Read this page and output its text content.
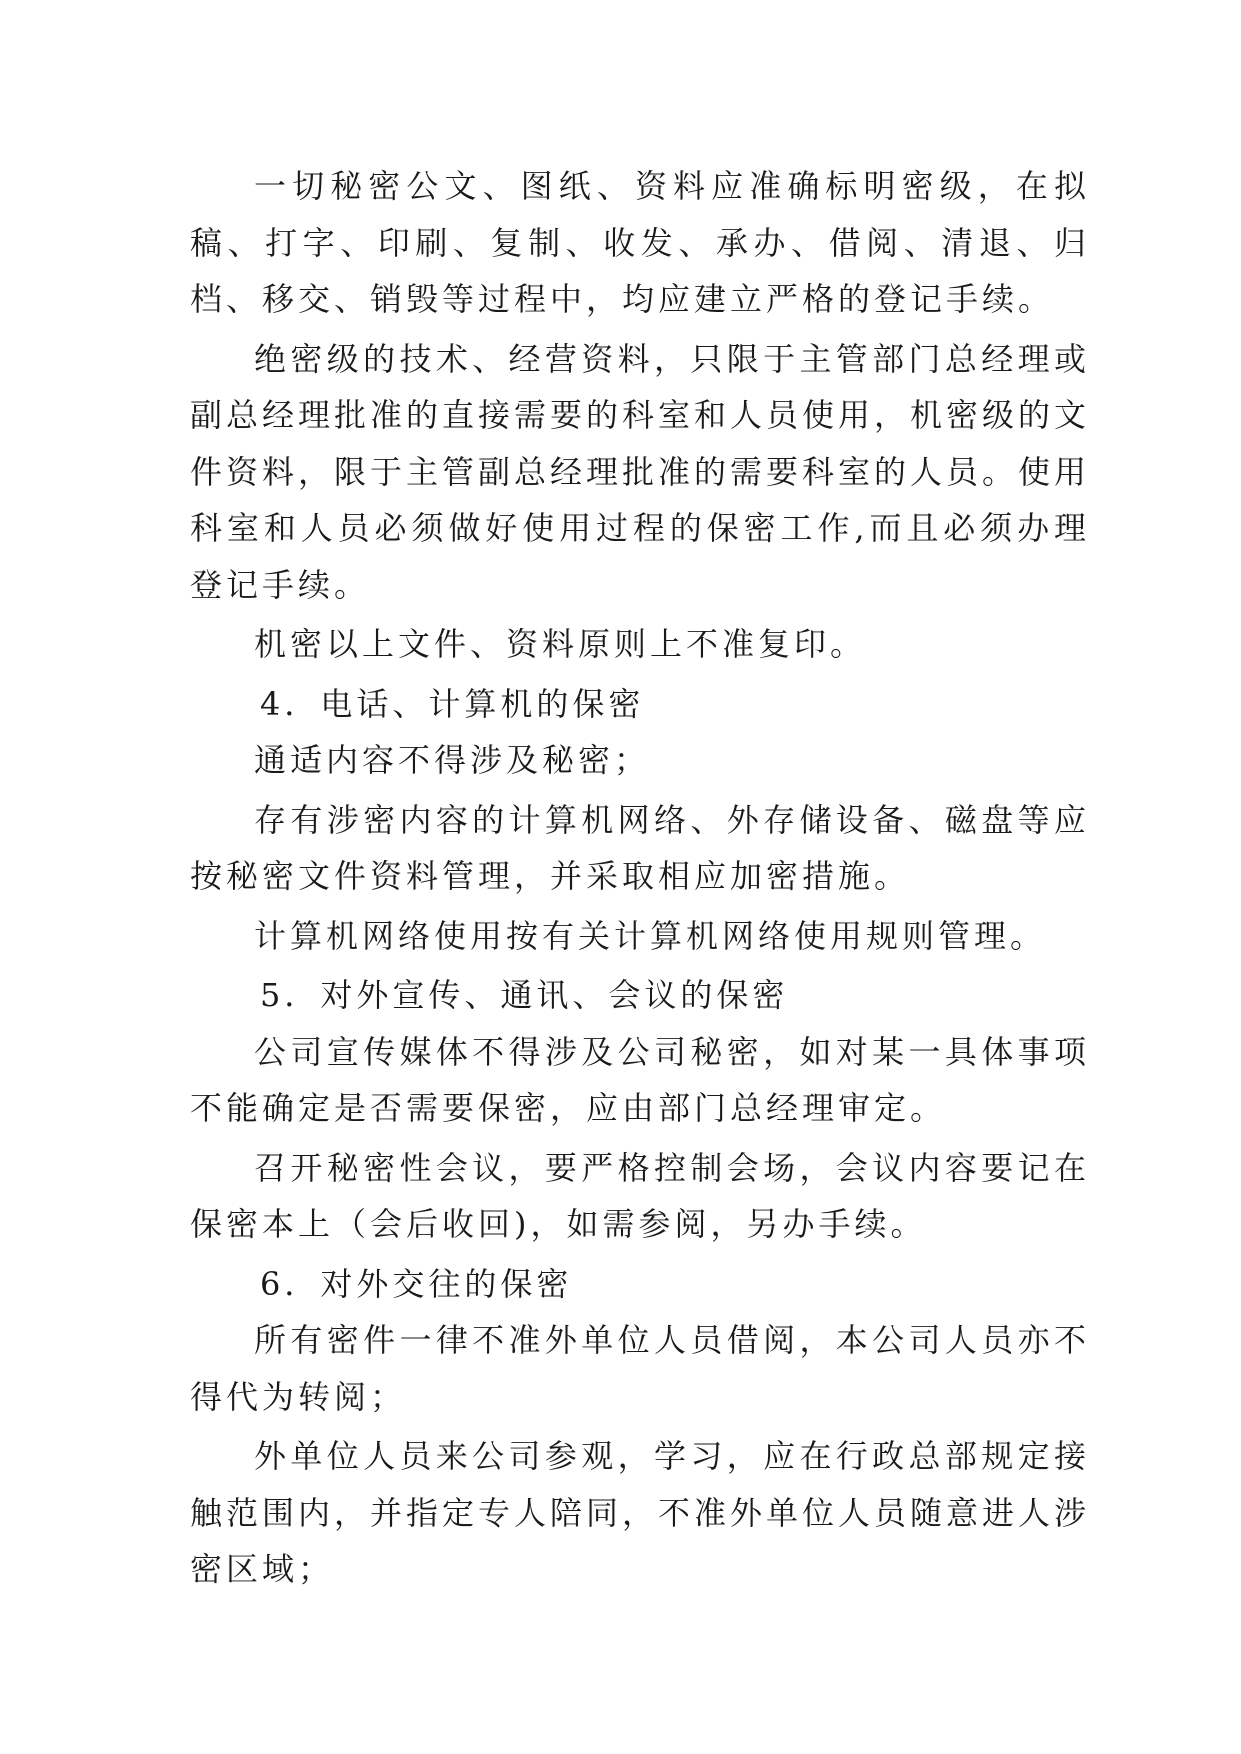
一切秘密公文、图纸、资料应准确标明密级，在拟稿、打字、印刷、复制、收发、承办、借阅、清退、归档、移交、销毁等过程中，均应建立严格的登记手续。

绝密级的技术、经营资料，只限于主管部门总经理或副总经理批准的直接需要的科室和人员使用，机密级的文件资料，限于主管副总经理批准的需要科室的人员。使用科室和人员必须做好使用过程的保密工作,而且必须办理登记手续。

机密以上文件、资料原则上不准复印。

4．电话、计算机的保密

通适内容不得涉及秘密；

存有涉密内容的计算机网络、外存储设备、磁盘等应按秘密文件资料管理，并采取相应加密措施。

计算机网络使用按有关计算机网络使用规则管理。

5．对外宣传、通讯、会议的保密

公司宣传媒体不得涉及公司秘密，如对某一具体事项不能确定是否需要保密，应由部门总经理审定。

召开秘密性会议，要严格控制会场，会议内容要记在保密本上（会后收回)，如需参阅，另办手续。

6．对外交往的保密

所有密件一律不准外单位人员借阅，本公司人员亦不得代为转阅；

外单位人员来公司参观，学习，应在行政总部规定接触范围内，并指定专人陪同，不准外单位人员随意进人涉密区域；
